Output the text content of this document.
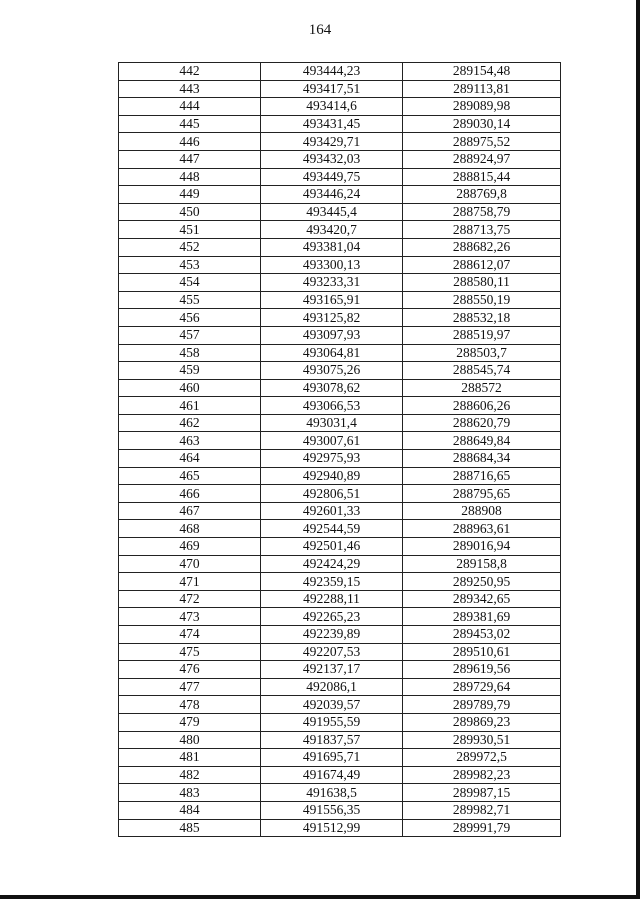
164
442	493444,23	289154,48
443	493417,51	289113,81
444	493414,6	289089,98
445	493431,45	289030,14
446	493429,71	288975,52
447	493432,03	288924,97
448	493449,75	288815,44
449	493446,24	288769,8
450	493445,4	288758,79
451	493420,7	288713,75
452	493381,04	288682,26
453	493300,13	288612,07
454	493233,31	288580,11
455	493165,91	288550,19
456	493125,82	288532,18
457	493097,93	288519,97
458	493064,81	288503,7
459	493075,26	288545,74
460	493078,62	288572
461	493066,53	288606,26
462	493031,4	288620,79
463	493007,61	288649,84
464	492975,93	288684,34
465	492940,89	288716,65
466	492806,51	288795,65
467	492601,33	288908
468	492544,59	288963,61
469	492501,46	289016,94
470	492424,29	289158,8
471	492359,15	289250,95
472	492288,11	289342,65
473	492265,23	289381,69
474	492239,89	289453,02
475	492207,53	289510,61
476	492137,17	289619,56
477	492086,1	289729,64
478	492039,57	289789,79
479	491955,59	289869,23
480	491837,57	289930,51
481	491695,71	289972,5
482	491674,49	289982,23
483	491638,5	289987,15
484	491556,35	289982,71
485	491512,99	289991,79
